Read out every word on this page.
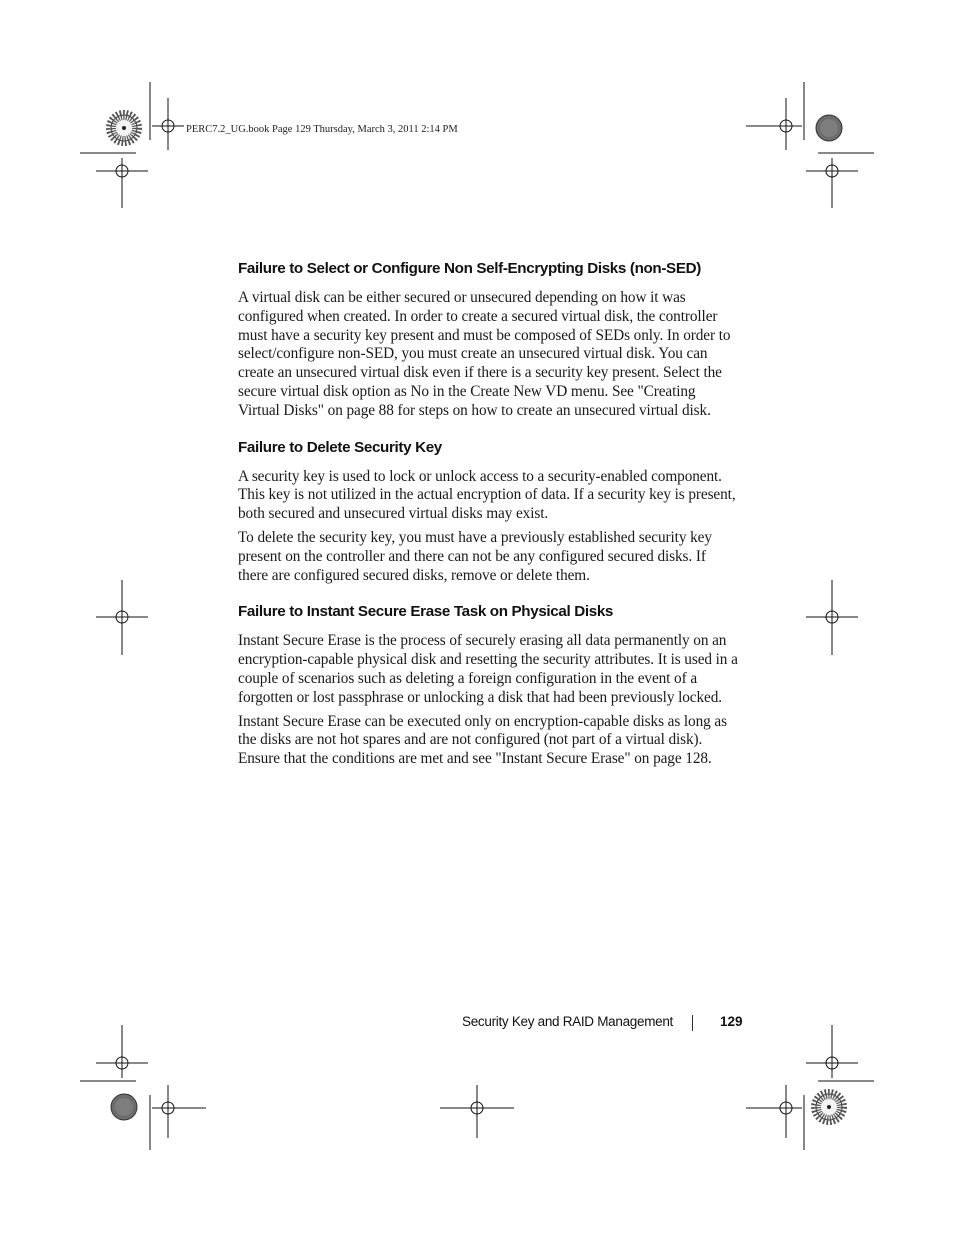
PERC7.2_UG.book Page 129 Thursday, March 3, 2011 2:14 PM
Failure to Select or Configure Non Self-Encrypting Disks (non-SED)

A virtual disk can be either secured or unsecured depending on how it was configured when created. In order to create a secured virtual disk, the controller must have a security key present and must be composed of SEDs only. In order to select/configure non-SED, you must create an unsecured virtual disk. You can create an unsecured virtual disk even if there is a security key present. Select the secure virtual disk option as No in the Create New VD menu. See "Creating Virtual Disks" on page 88 for steps on how to create an unsecured virtual disk.

Failure to Delete Security Key

A security key is used to lock or unlock access to a security-enabled component. This key is not utilized in the actual encryption of data. If a security key is present, both secured and unsecured virtual disks may exist.

To delete the security key, you must have a previously established security key present on the controller and there can not be any configured secured disks. If there are configured secured disks, remove or delete them.

Failure to Instant Secure Erase Task on Physical Disks

Instant Secure Erase is the process of securely erasing all data permanently on an encryption-capable physical disk and resetting the security attributes. It is used in a couple of scenarios such as deleting a foreign configuration in the event of a forgotten or lost passphrase or unlocking a disk that had been previously locked.

Instant Secure Erase can be executed only on encryption-capable disks as long as the disks are not hot spares and are not configured (not part of a virtual disk). Ensure that the conditions are met and see "Instant Secure Erase" on page 128.

Security Key and RAID Management	129
